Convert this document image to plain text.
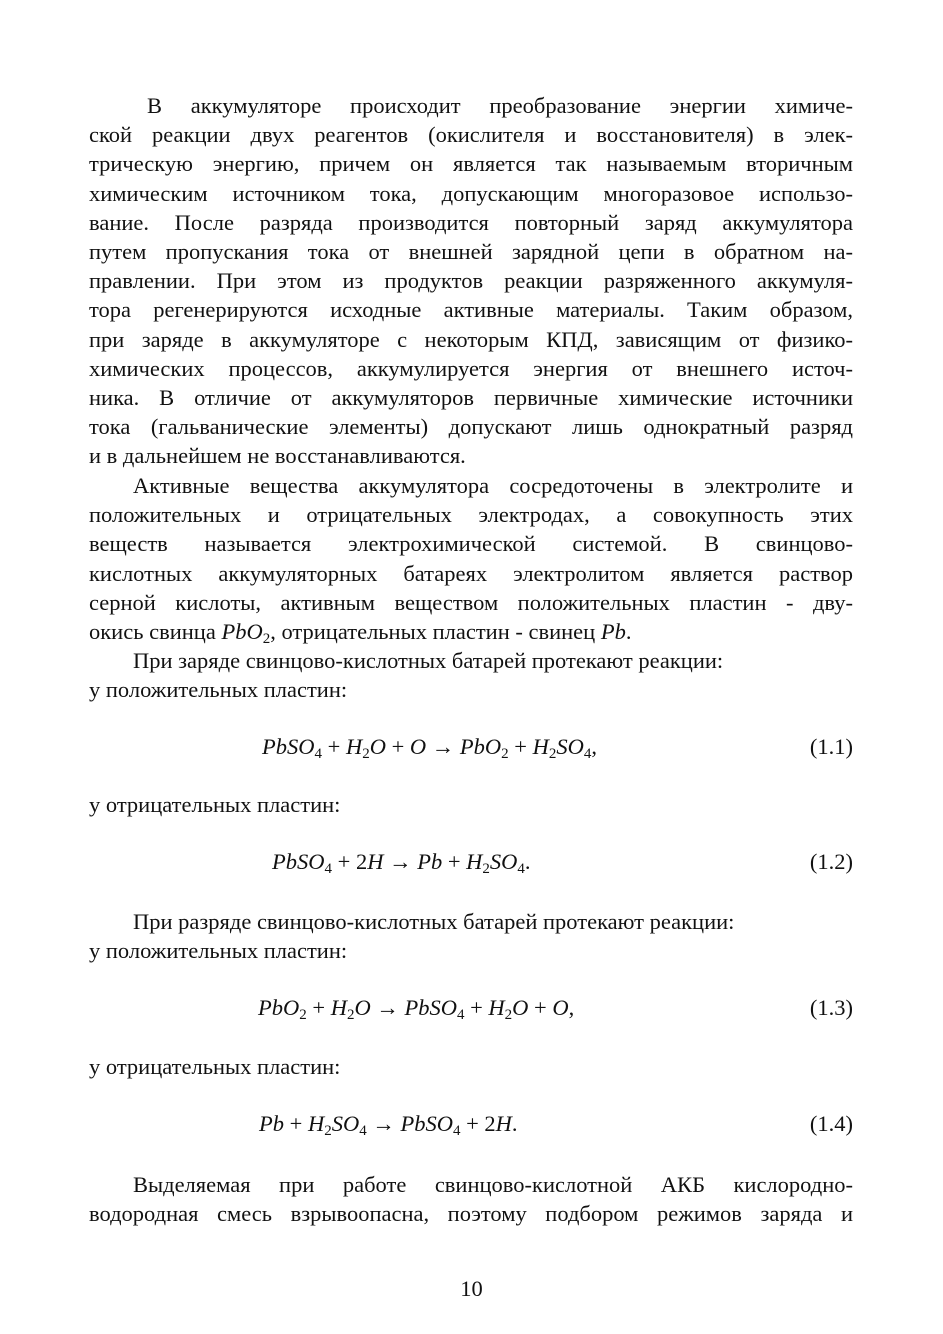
В аккумуляторе происходит преобразование энергии химиче-
ской реакции двух реагентов (окислителя и восстановителя) в элек-
трическую энергию, причем он является так называемым вторичным
химическим источником тока, допускающим многоразовое использо-
вание. После разряда производится повторный заряд аккумулятора
путем пропускания тока от внешней зарядной цепи в обратном на-
правлении. При этом из продуктов реакции разряженного аккумуля-
тора регенерируются исходные активные материалы. Таким образом,
при заряде в аккумуляторе с некоторым КПД, зависящим от физико-
химических процессов, аккумулируется энергия от внешнего источ-
ника. В отличие от аккумуляторов первичные химические источники
тока (гальванические элементы) допускают лишь однократный разряд
и в дальнейшем не восстанавливаются.
Активные вещества аккумулятора сосредоточены в электролите и
положительных и отрицательных электродах, а совокупность этих
веществ называется электрохимической системой. В свинцово-
кислотных аккумуляторных батареях электролитом является раствор
серной кислоты, активным веществом положительных пластин - дву-
окись свинца PbO$_2$, отрицательных пластин - свинец Pb.
При заряде свинцово-кислотных батарей протекают реакции:
у положительных пластин:
PbSO$_4$ + $H_2O + O \to PbO_2 + H_2SO_4$,	(1.1)
у отрицательных пластин:
PbSO$_4$ + $2H \to Pb + H_2SO_4$.	(1.2)
При разряде свинцово-кислотных батарей протекают реакции:
у положительных пластин:
$PbO_2 + H_2O$ → PbSO$_4$ + $H_2O + O$,	(1.3)
у отрицательных пластин:
$Pb + H_2SO_4$ → PbSO$_4$ + 2H.	(1.4)
Выделяемая при работе свинцово-кислотной АКБ кислородно-
водородная смесь взрывоопасна, поэтому подбором режимов заряда и
10
